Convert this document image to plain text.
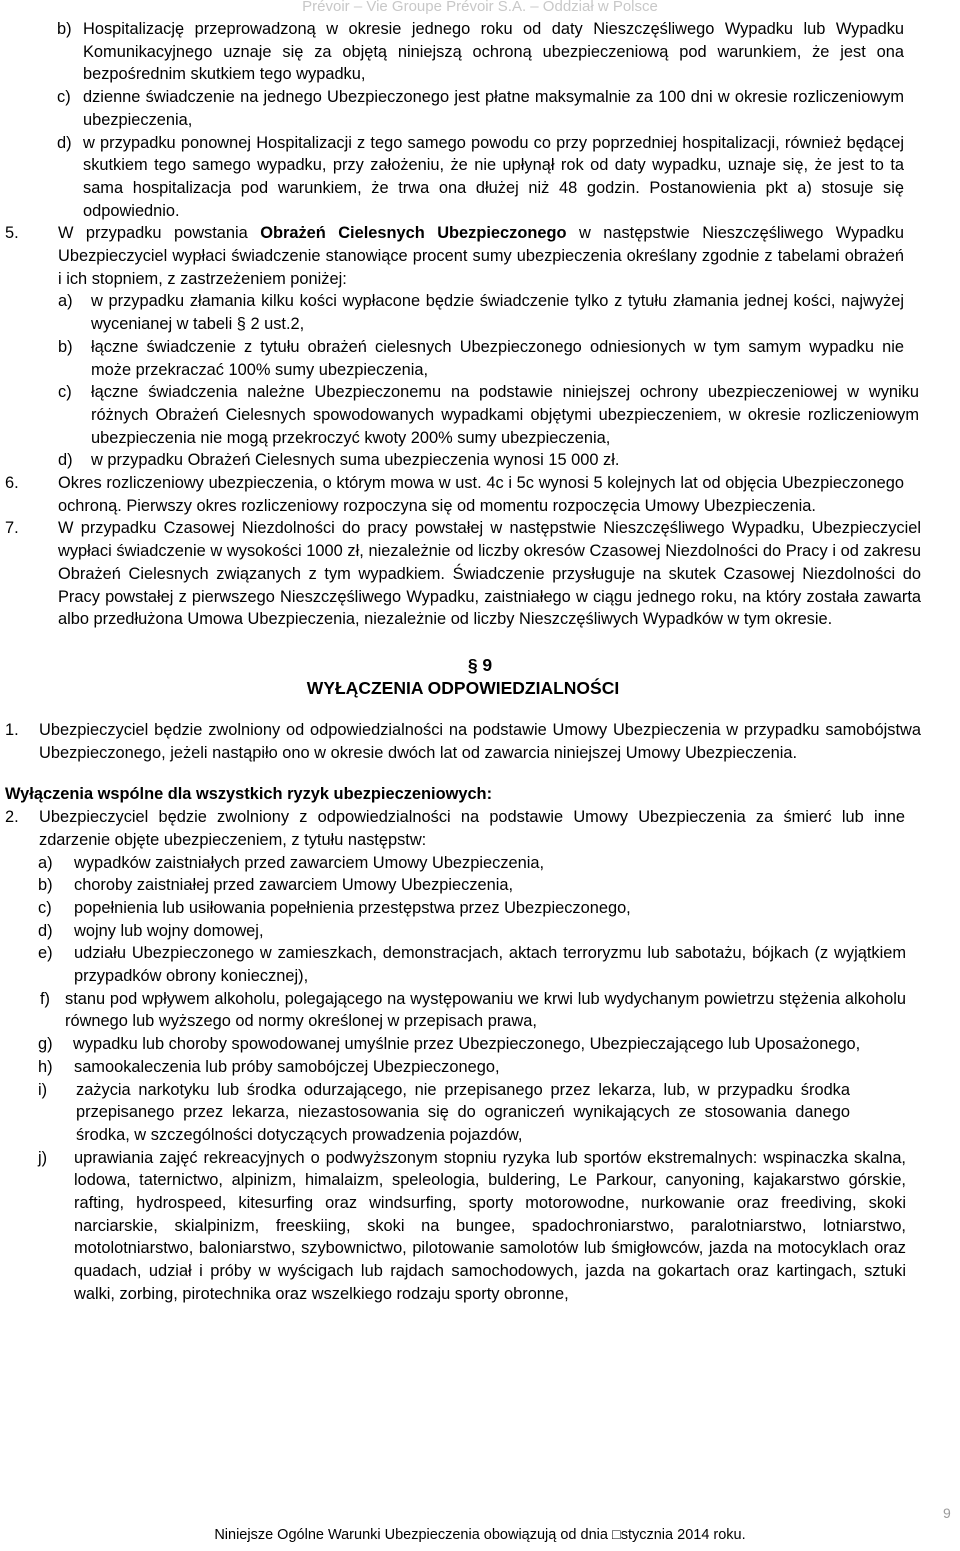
Prévoir – Vie Groupe Prévoir S.A. – Oddział w Polsce
b) Hospitalizację przeprowadzoną w okresie jednego roku od daty Nieszczęśliwego Wypadku lub Wypadku Komunikacyjnego uznaje się za objętą niniejszą ochroną ubezpieczeniową pod warunkiem, że jest ona bezpośrednim skutkiem tego wypadku,
c) dzienne świadczenie na jednego Ubezpieczonego jest płatne maksymalnie za 100 dni w okresie rozliczeniowym ubezpieczenia,
d) w przypadku ponownej Hospitalizacji z tego samego powodu co przy poprzedniej hospitalizacji, również będącej skutkiem tego samego wypadku, przy założeniu, że nie upłynął rok od daty wypadku, uznaje się, że jest to ta sama hospitalizacja pod warunkiem, że trwa ona dłużej niż 48 godzin. Postanowienia pkt a) stosuje się odpowiednio.
5.	W przypadku powstania Obrażeń Cielesnych Ubezpieczonego w następstwie Nieszczęśliwego Wypadku Ubezpieczyciel wypłaci świadczenie stanowiące procent sumy ubezpieczenia określany zgodnie z tabelami obrażeń i ich stopniem, z zastrzeżeniem poniżej:
a)	w przypadku złamania kilku kości wypłacone będzie świadczenie tylko z tytułu złamania jednej kości, najwyżej wycenianej w tabeli § 2 ust.2,
b)	łączne świadczenie z tytułu obrażeń cielesnych Ubezpieczonego odniesionych w tym samym wypadku nie może przekraczać 100% sumy ubezpieczenia,
c)	łączne świadczenia należne Ubezpieczonemu na podstawie niniejszej ochrony ubezpieczeniowej w wyniku różnych Obrażeń Cielesnych spowodowanych wypadkami objętymi ubezpieczeniem, w okresie rozliczeniowym ubezpieczenia nie mogą przekroczyć kwoty 200% sumy ubezpieczenia,
d)	w przypadku Obrażeń Cielesnych suma ubezpieczenia wynosi 15 000 zł.
6.	Okres rozliczeniowy ubezpieczenia, o którym mowa w ust. 4c i 5c wynosi 5 kolejnych lat od objęcia Ubezpieczonego ochroną. Pierwszy okres rozliczeniowy rozpoczyna się od momentu rozpoczęcia Umowy Ubezpieczenia.
7.	W przypadku Czasowej Niezdolności do pracy powstałej w następstwie Nieszczęśliwego Wypadku, Ubezpieczyciel wypłaci świadczenie w wysokości 1000 zł, niezależnie od liczby okresów Czasowej Niezdolności do Pracy i od zakresu Obrażeń Cielesnych związanych z tym wypadkiem. Świadczenie przysługuje na skutek Czasowej Niezdolności do Pracy powstałej z pierwszego Nieszczęśliwego Wypadku, zaistniałego w ciągu jednego roku, na który została zawarta albo przedłużona Umowa Ubezpieczenia, niezależnie od liczby Nieszczęśliwych Wypadków w tym okresie.
§ 9
WYŁĄCZENIA ODPOWIEDZIALNOŚCI
1.	Ubezpieczyciel będzie zwolniony od odpowiedzialności na podstawie Umowy Ubezpieczenia w przypadku samobójstwa Ubezpieczonego, jeżeli nastąpiło ono w okresie dwóch lat od zawarcia niniejszej Umowy Ubezpieczenia.
Wyłączenia wspólne dla wszystkich ryzyk ubezpieczeniowych:
2.	Ubezpieczyciel będzie zwolniony z odpowiedzialności na podstawie Umowy Ubezpieczenia za śmierć lub inne zdarzenie objęte ubezpieczeniem, z tytułu następstw:
a)	wypadków zaistniałych przed zawarciem Umowy Ubezpieczenia,
b)	choroby zaistniałej przed zawarciem Umowy Ubezpieczenia,
c)	popełnienia lub usiłowania popełnienia przestępstwa przez Ubezpieczonego,
d)	wojny lub wojny domowej,
e)	udziału Ubezpieczonego w zamieszkach, demonstracjach, aktach terroryzmu lub sabotażu, bójkach (z wyjątkiem przypadków obrony koniecznej),
f) stanu pod wpływem alkoholu, polegającego na występowaniu we krwi lub wydychanym powietrzu stężenia alkoholu równego lub wyższego od normy określonej w przepisach prawa,
g)	wypadku lub choroby spowodowanej umyślnie przez Ubezpieczonego, Ubezpieczającego lub Uposażonego,
h)	samookaleczenia lub próby samobójczej Ubezpieczonego,
i)	zażycia narkotyku lub środka odurzającego, nie przepisanego przez lekarza, lub, w przypadku środka przepisanego przez lekarza, niezastosowania się do ograniczeń wynikających ze stosowania danego środka, w szczególności dotyczących prowadzenia pojazdów,
j)	uprawiania zajęć rekreacyjnych o podwyższonym stopniu ryzyka lub sportów ekstremalnych: wspinaczka skalna, lodowa, taternictwo, alpinizm, himalaizm, speleologia, buldering, Le Parkour, canyoning, kajakarstwo górskie, rafting, hydrospeed, kitesurfing oraz windsurfing, sporty motorowodne, nurkowanie oraz freediving, skoki narciarskie, skialpinizm, freeskiing, skoki na bungee, spadochroniarstwo, paralotniarstwo, lotniarstwo, motolotniarstwo, baloniarstwo, szybownictwo, pilotowanie samolotów lub śmigłowców, jazda na motocyklach oraz quadach, udział i próby w wyścigach lub rajdach samochodowych, jazda na gokartach oraz kartingach, sztuki walki, zorbing, pirotechnika oraz wszelkiego rodzaju sporty obronne,
Niniejsze Ogólne Warunki Ubezpieczenia obowiązują od dnia □stycznia 2014 roku.
9
